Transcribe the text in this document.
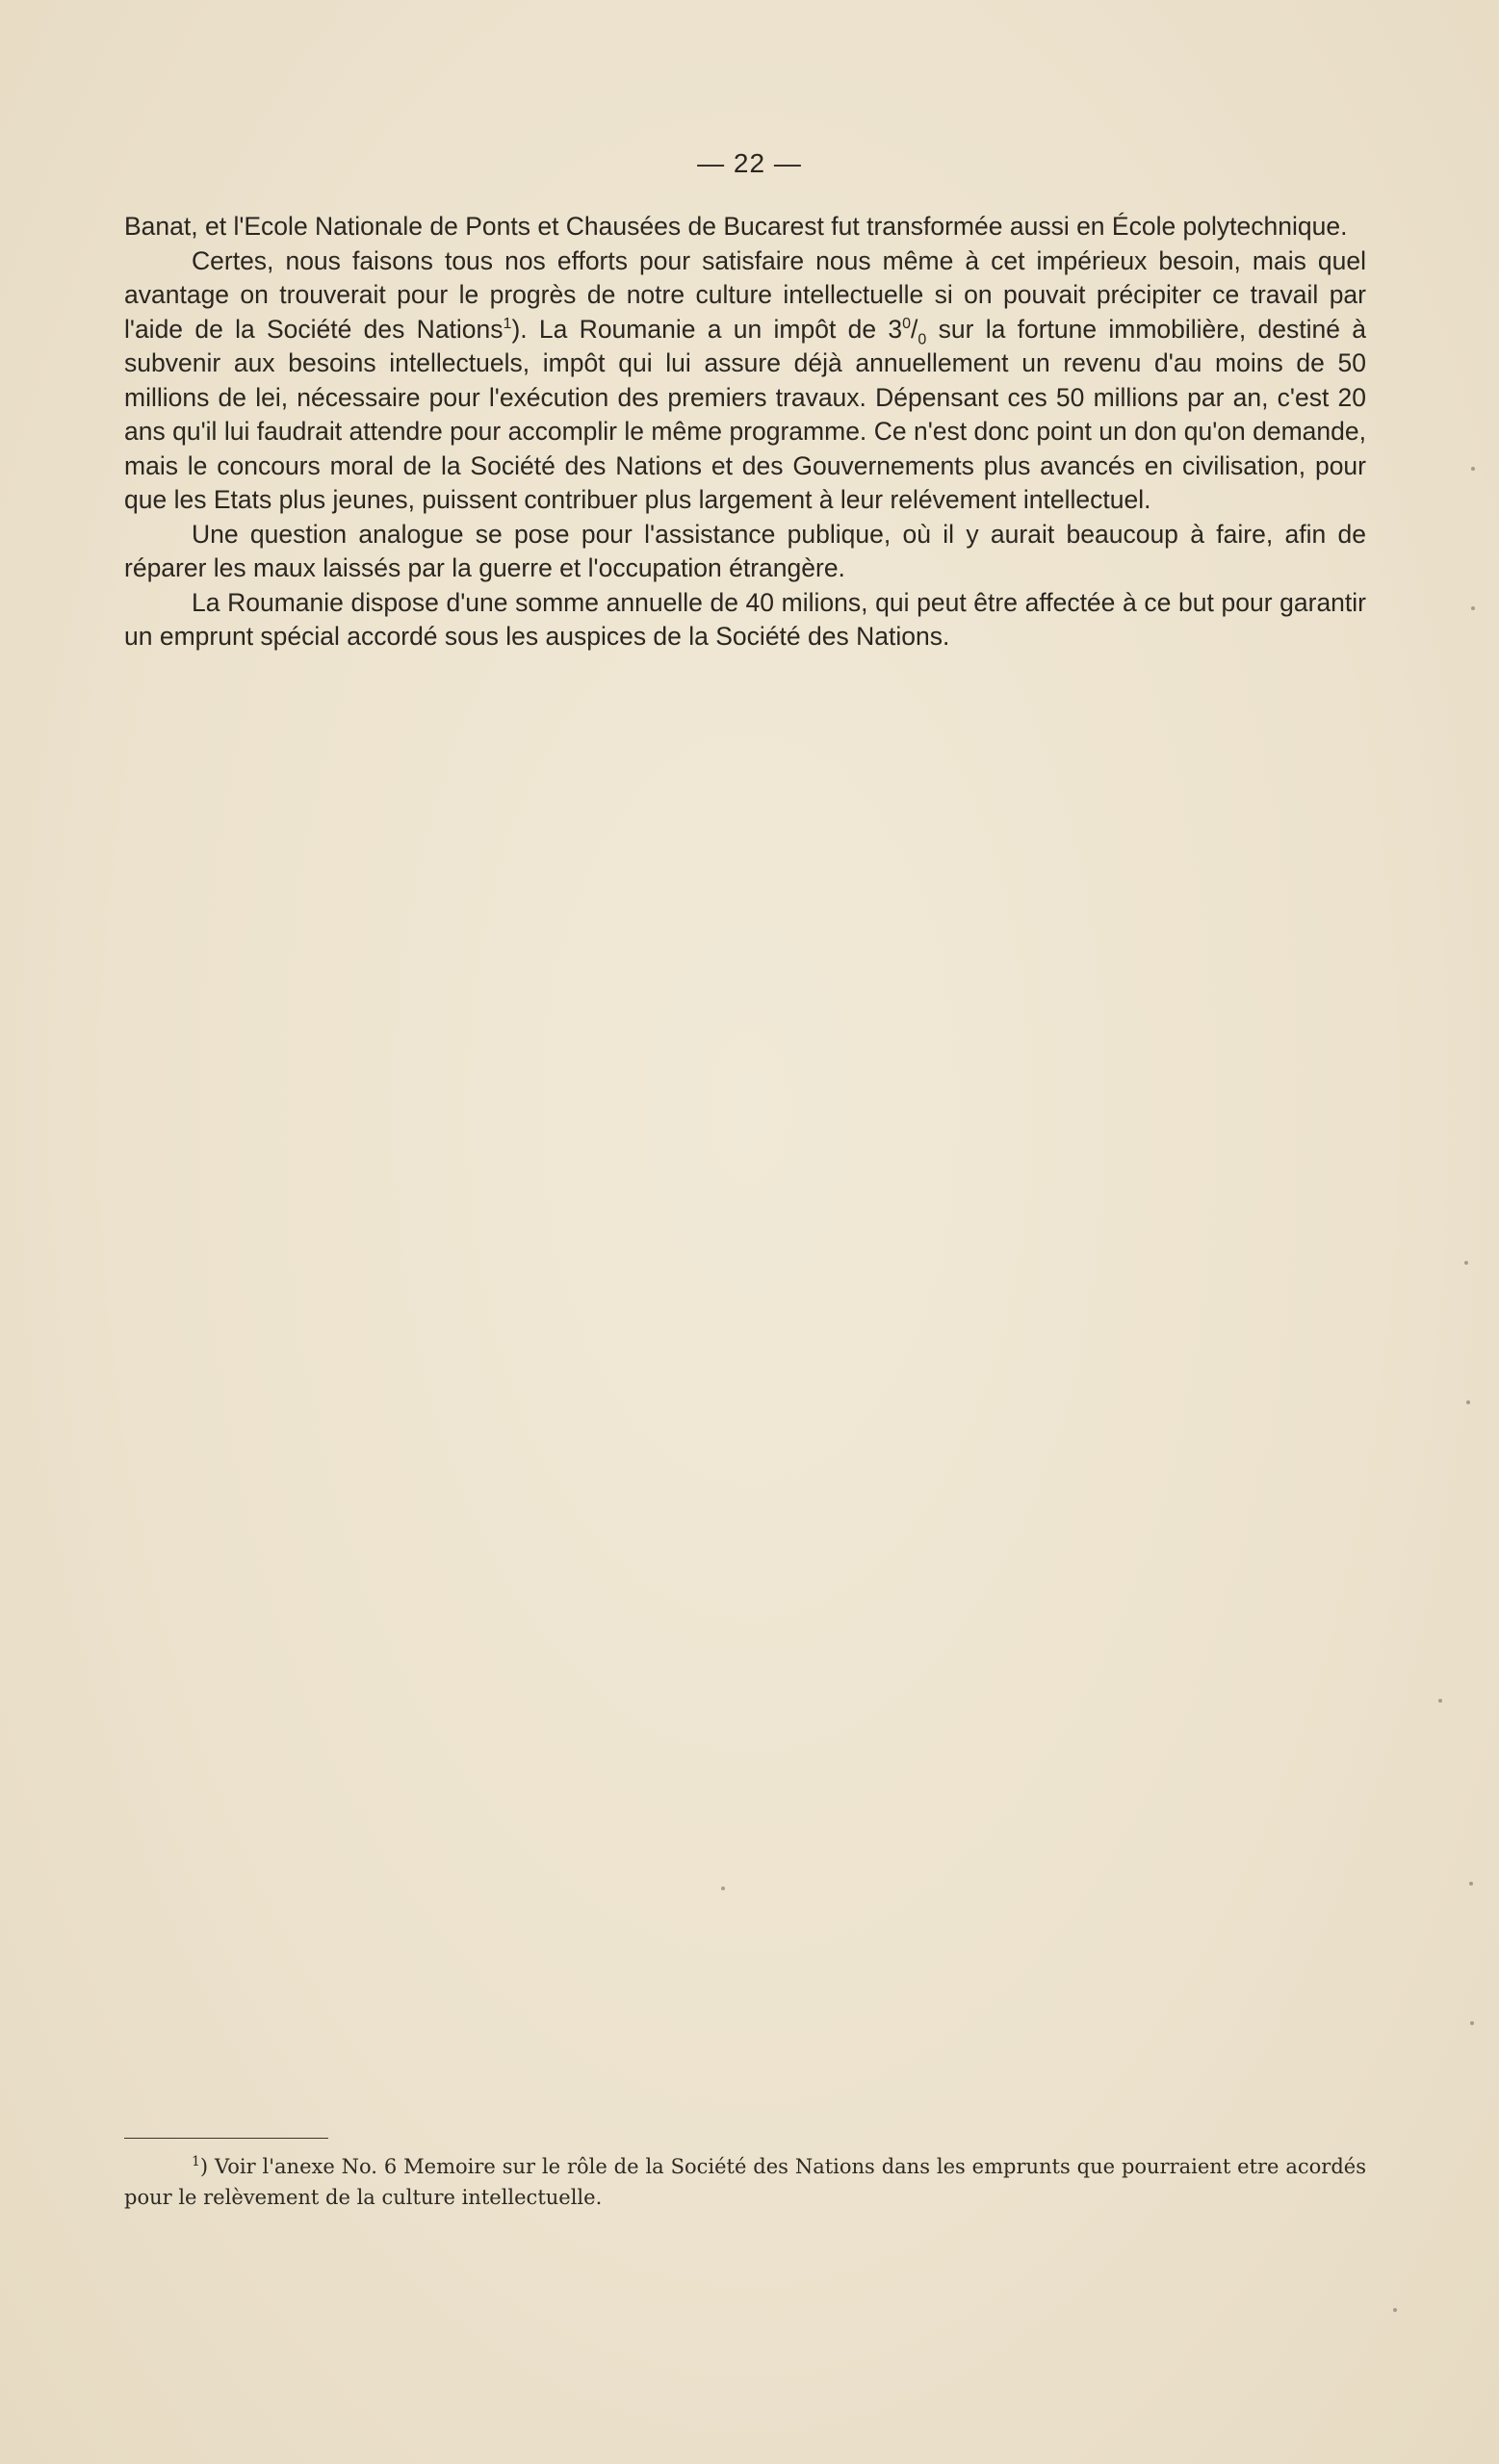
— 22 —

Banat, et l'Ecole Nationale de Ponts et Chausées de Bucarest fut transformée aussi en École polytechnique.

Certes, nous faisons tous nos efforts pour satisfaire nous même à cet impérieux besoin, mais quel avantage on trouverait pour le progrès de notre culture intellectuelle si on pouvait précipiter ce travail par l'aide de la Société des Nations$^1$). La Roumanie a un impôt de $3^0/_0$ sur la fortune immobilière, destiné à subvenir aux besoins intellectuels, impôt qui lui assure déjà annuellement un revenu d'au moins de 50 millions de lei, nécessaire pour l'exécution des premiers travaux. Dépensant ces 50 millions par an, c'est 20 ans qu'il lui faudrait attendre pour accomplir le même programme. Ce n'est donc point un don qu'on demande, mais le concours moral de la Société des Nations et des Gouvernements plus avancés en civilisation, pour que les Etats plus jeunes, puissent contribuer plus largement à leur relévement intellectuel.

Une question analogue se pose pour l'assistance publique, où il y aurait beaucoup à faire, afin de réparer les maux laissés par la guerre et l'occupation étrangère.

La Roumanie dispose d'une somme annuelle de 40 milions, qui peut être affectée à ce but pour garantir un emprunt spécial accordé sous les auspices de la Société des Nations.

$^1$) Voir l'anexe No. 6 Memoire sur le rôle de la Société des Nations dans les emprunts que pourraient etre acordés pour le relèvement de la culture intellectuelle.
